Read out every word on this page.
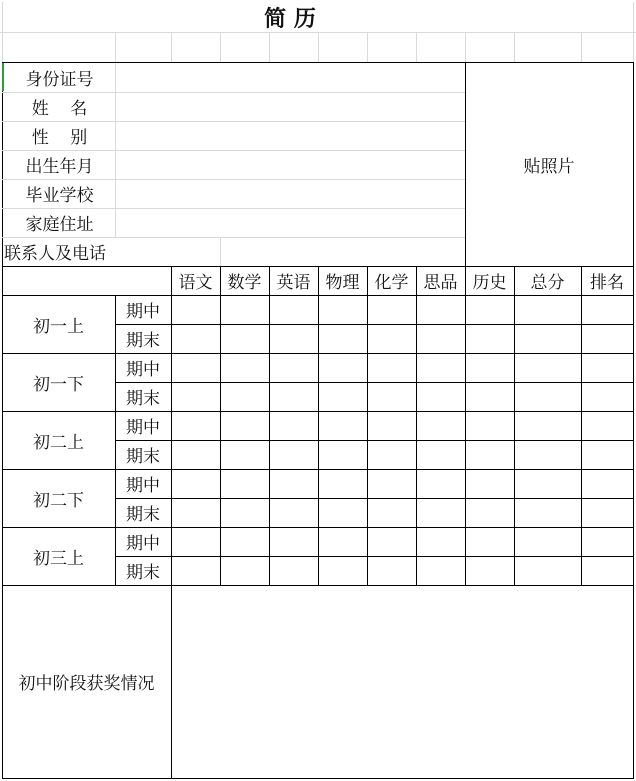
简 历
身份证号
姓    名
性    别
出生年月
毕业学校
家庭住址
联系人及电话
贴照片
语文 数学 英语 物理 化学 思品 历史	总分	排名
初一上
期中
期末
初一下
期中
期末
初二上
期中
期末
初二下
期中
期末
初三上
期中
期末
初中阶段获奖情况
